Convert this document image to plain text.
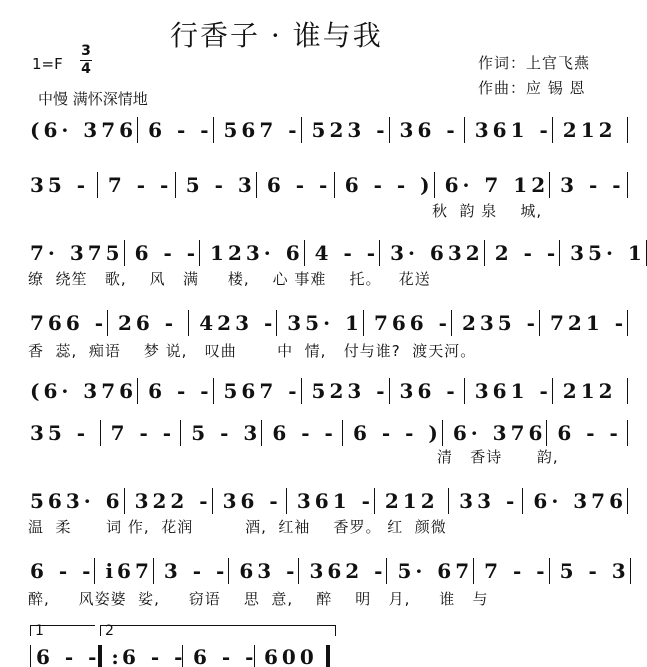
行香子 · 谁与我
1=F
3
4
中慢 满怀深情地
作词：上官飞燕
作曲：应 锡 恩
(6· 376 6 - - 567 - 523 - 36 - 361 - 212
35 - 7 - - 5 - 3 6 - - 6 - - ) 6· 7 12 3 - -
7· 375 6 - - 123· 6 4 - - 3· 632 2 - - 35· 1
766 - 26 -	423 - 35· 1 766 - 235 - 721 -
(6· 376 6 - - 567 - 523 - 36 - 361 - 212
35 -	7 - - 5 - 3 6 - - 6 - - ) 6· 376 6 - -
563· 6 322 - 36 - 361 - 212	33 - 6· 376
6 - - i67 3 - - 63 - 362 - 5· 67 7 - - 5 - 3
秋  韵 泉    城,
缭  绕笙   歌,    风   满     楼,    心 事难    托。   花送
香  蕊,  痴语    梦 说,   叹曲       中  情,   付与谁?  渡天河。
清   香诗      韵,
温  柔      词 作,  花润         酒,  红袖    香罗。 红  颜微
醉,     风姿婆  娑,     窃语    思  意,    醉    明   月,     谁   与
1	2
6 - - : 6 - - 6 - - 600
